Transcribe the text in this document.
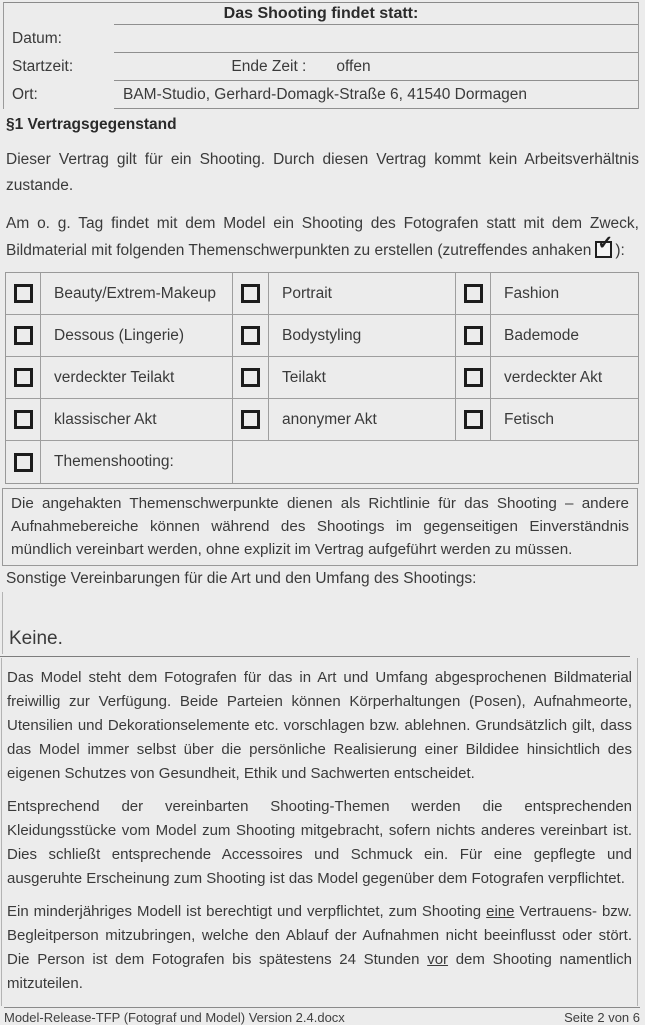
Das Shooting findet statt:
Datum:
Startzeit:	Ende Zeit : offen
Ort:	BAM-Studio, Gerhard-Domagk-Straße 6, 41540 Dormagen
§1 Vertragsgegenstand
Dieser Vertrag gilt für ein Shooting. Durch diesen Vertrag kommt kein Arbeitsverhältnis zustande.
Am o. g. Tag findet mit dem Model ein Shooting des Fotografen statt mit dem Zweck, Bildmaterial mit folgenden Themenschwerpunkten zu erstellen (zutreffendes anhaken ✓ ):
Beauty/Extrem-Makeup	Portrait	Fashion
Dessous (Lingerie)	Bodystyling	Bademode
verdeckter Teilakt	Teilakt	verdeckter Akt
klassischer Akt	anonymer Akt	Fetisch
Themenshooting:
Die angehakten Themenschwerpunkte dienen als Richtlinie für das Shooting – andere Aufnahmebereiche können während des Shootings im gegenseitigen Einverständnis mündlich vereinbart werden, ohne explizit im Vertrag aufgeführt werden zu müssen.
Sonstige Vereinbarungen für die Art und den Umfang des Shootings:
Keine.
Das Model steht dem Fotografen für das in Art und Umfang abgesprochenen Bildmaterial freiwillig zur Verfügung. Beide Parteien können Körperhaltungen (Posen), Aufnahmeorte, Utensilien und Dekorationselemente etc. vorschlagen bzw. ablehnen. Grundsätzlich gilt, dass das Model immer selbst über die persönliche Realisierung einer Bildidee hinsichtlich des eigenen Schutzes von Gesundheit, Ethik und Sachwerten entscheidet.
Entsprechend der vereinbarten Shooting-Themen werden die entsprechenden Kleidungsstücke vom Model zum Shooting mitgebracht, sofern nichts anderes vereinbart ist. Dies schließt entsprechende Accessoires und Schmuck ein. Für eine gepflegte und ausgeruhte Erscheinung zum Shooting ist das Model gegenüber dem Fotografen verpflichtet.
Ein minderjähriges Modell ist berechtigt und verpflichtet, zum Shooting eine Vertrauens- bzw. Begleitperson mitzubringen, welche den Ablauf der Aufnahmen nicht beeinflusst oder stört. Die Person ist dem Fotografen bis spätestens 24 Stunden vor dem Shooting namentlich mitzuteilen.
Model-Release-TFP (Fotograf und Model) Version 2.4.docx	Seite 2 von 6
